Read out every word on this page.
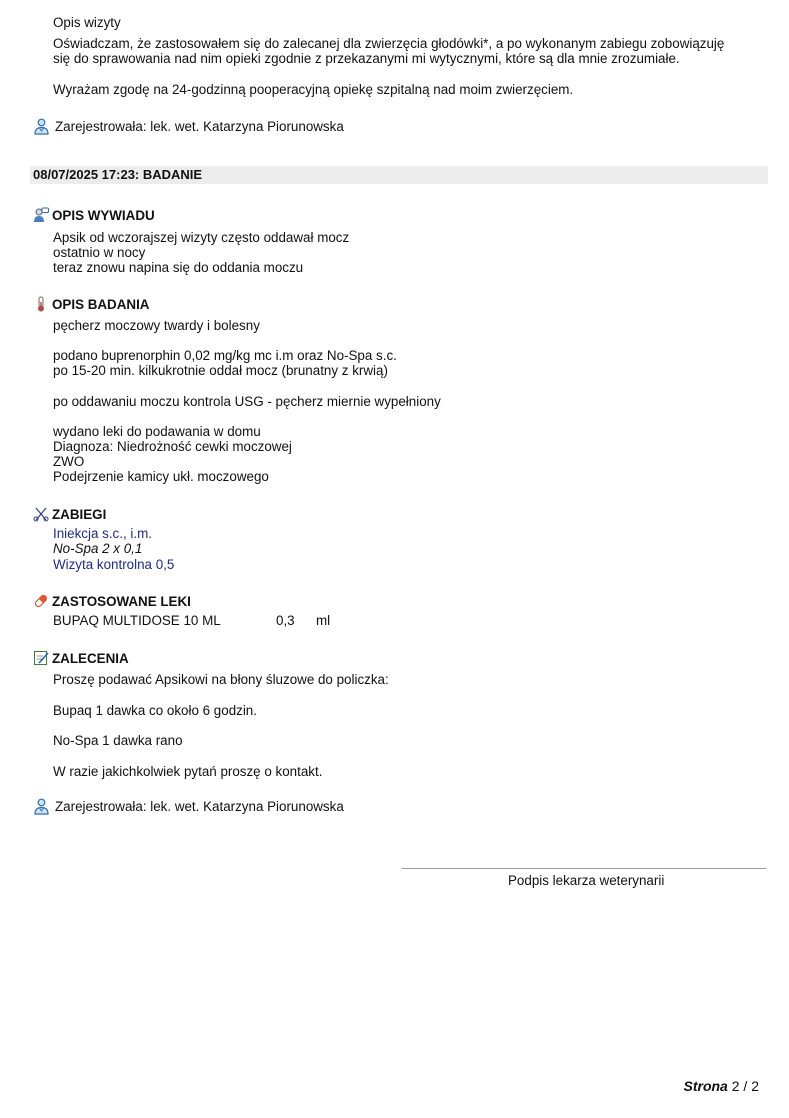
Opis wizyty
Oświadczam, że zastosowałem się do zalecanej dla zwierzęcia głodówki*, a po wykonanym zabiegu zobowiązuję
się do sprawowania nad nim opieki zgodnie z przekazanymi mi wytycznymi, które są dla mnie zrozumiałe.
Wyrażam zgodę na 24-godzinną pooperacyjną opiekę szpitalną nad moim zwierzęciem.
Zarejestrowała: lek. wet. Katarzyna Piorunowska
08/07/2025 17:23: BADANIE
OPIS WYWIADU
Apsik od wczorajszej wizyty często oddawał mocz
ostatnio w nocy
teraz znowu napina się do oddania moczu
OPIS BADANIA
pęcherz moczowy twardy i bolesny
podano buprenorphin 0,02 mg/kg mc i.m oraz No-Spa s.c.
po 15-20 min. kilkukrotnie oddał mocz (brunatny z krwią)
po oddawaniu moczu kontrola USG - pęcherz miernie wypełniony
wydano leki do podawania w domu
Diagnoza: Niedrożność cewki moczowej
ZWO
Podejrzenie kamicy ukł. moczowego
ZABIEGI
Iniekcja s.c., i.m.
No-Spa 2 x 0,1
Wizyta kontrolna 0,5
ZASTOSOWANE LEKI
BUPAQ MULTIDOSE 10 ML	0,3 ml
ZALECENIA
Proszę podawać Apsikowi na błony śluzowe do policzka:
Bupaq 1 dawka co około 6 godzin.
No-Spa 1 dawka rano
W razie jakichkolwiek pytań proszę o kontakt.
Zarejestrowała: lek. wet. Katarzyna Piorunowska
Podpis lekarza weterynarii
Strona 2 / 2
